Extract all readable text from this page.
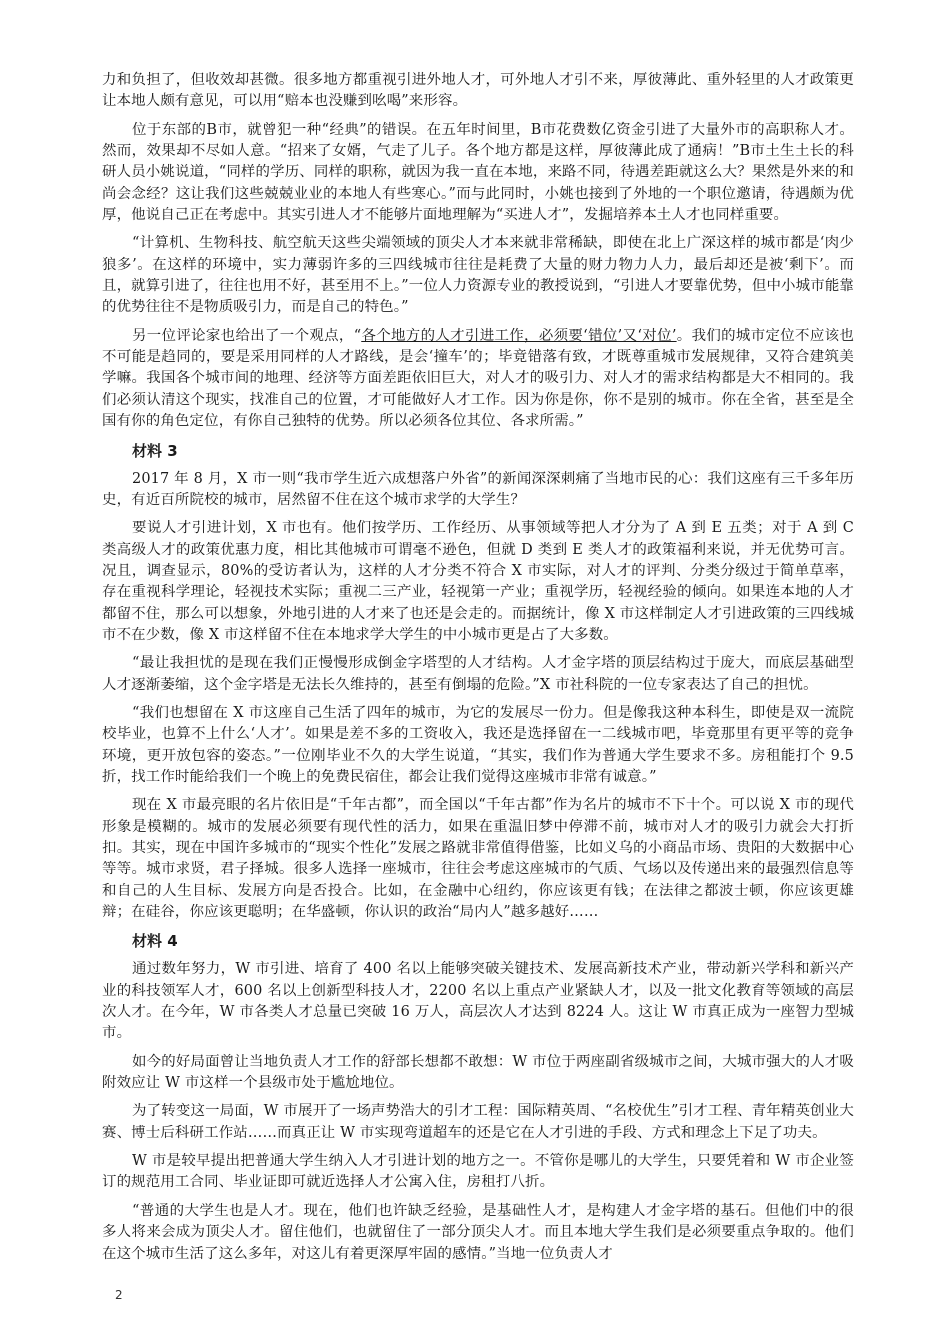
力和负担了，但收效却甚微。很多地方都重视引进外地人才，可外地人才引不来，厚彼薄此、重外轻里的人才政策更让本地人颇有意见，可以用“赔本也没赚到吆喝”来形容。

位于东部的B市，就曾犯一种“经典”的错误。在五年时间里，B市花费数亿资金引进了大量外市的高职称人才。然而，效果却不尽如人意。“招来了女婿，气走了儿子。各个地方都是这样，厚彼薄此成了通病！”B市土生土长的科研人员小姚说道，“同样的学历、同样的职称，就因为我一直在本地，来路不同，待遇差距就这么大？果然是外来的和尚会念经？这让我们这些兢兢业业的本地人有些寒心。”而与此同时，小姚也接到了外地的一个职位邀请，待遇颇为优厚，他说自己正在考虑中。其实引进人才不能够片面地理解为“买进人才”，发掘培养本土人才也同样重要。

“计算机、生物科技、航空航天这些尖端领域的顶尖人才本来就非常稀缺，即使在北上广深这样的城市都是‘肉少狼多’。在这样的环境中，实力薄弱许多的三四线城市往往是耗费了大量的财力物力人力，最后却还是被‘剩下’。而且，就算引进了，往往也用不好，甚至用不上。”一位人力资源专业的教授说到，“引进人才要靠优势，但中小城市能靠的优势往往不是物质吸引力，而是自己的特色。”

另一位评论家也给出了一个观点，“各个地方的人才引进工作，必须要‘错位’又‘对位’。我们的城市定位不应该也不可能是趋同的，要是采用同样的人才路线，是会‘撞车’的；毕竟错落有致，才既尊重城市发展规律，又符合建筑美学嘛。我国各个城市间的地理、经济等方面差距依旧巨大，对人才的吸引力、对人才的需求结构都是大不相同的。我们必须认清这个现实，找准自己的位置，才可能做好人才工作。因为你是你，你不是别的城市。你在全省，甚至是全国有你的角色定位，有你自己独特的优势。所以必须各位其位、各求所需。”

材料 3

2017 年 8 月，X 市一则“我市学生近六成想落户外省”的新闻深深刺痛了当地市民的心：我们这座有三千多年历史，有近百所院校的城市，居然留不住在这个城市求学的大学生？

要说人才引进计划，X 市也有。他们按学历、工作经历、从事领域等把人才分为了 A 到 E 五类；对于 A 到 C 类高级人才的政策优惠力度，相比其他城市可谓毫不逊色，但就 D 类到 E 类人才的政策福利来说，并无优势可言。况且，调查显示，80%的受访者认为，这样的人才分类不符合 X 市实际，对人才的评判、分类分级过于简单草率，存在重视科学理论，轻视技术实际；重视二三产业，轻视第一产业；重视学历，轻视经验的倾向。如果连本地的人才都留不住，那么可以想象，外地引进的人才来了也还是会走的。而据统计，像 X 市这样制定人才引进政策的三四线城市不在少数，像 X 市这样留不住在本地求学大学生的中小城市更是占了大多数。

“最让我担忧的是现在我们正慢慢形成倒金字塔型的人才结构。人才金字塔的顶层结构过于庞大，而底层基础型人才逐渐萎缩，这个金字塔是无法长久维持的，甚至有倒塌的危险。”X 市社科院的一位专家表达了自己的担忧。

“我们也想留在 X 市这座自己生活了四年的城市，为它的发展尽一份力。但是像我这种本科生，即使是双一流院校毕业，也算不上什么‘人才’。如果是差不多的工资收入，我还是选择留在一二线城市吧，毕竟那里有更平等的竞争环境，更开放包容的姿态。”一位刚毕业不久的大学生说道，“其实，我们作为普通大学生要求不多。房租能打个 9.5 折，找工作时能给我们一个晚上的免费民宿住，都会让我们觉得这座城市非常有诚意。”

现在 X 市最亮眼的名片依旧是“千年古都”，而全国以“千年古都”作为名片的城市不下十个。可以说 X 市的现代形象是模糊的。城市的发展必须要有现代性的活力，如果在重温旧梦中停滞不前，城市对人才的吸引力就会大打折扣。其实，现在中国许多城市的“现实个性化”发展之路就非常值得借鉴，比如义乌的小商品市场、贵阳的大数据中心等等。城市求贤，君子择城。很多人选择一座城市，往往会考虑这座城市的气质、气场以及传递出来的最强烈信息等和自己的人生目标、发展方向是否投合。比如，在金融中心纽约，你应该更有钱；在法律之都波士顿，你应该更雄辩；在硅谷，你应该更聪明；在华盛顿，你认识的政治“局内人”越多越好……

材料 4

通过数年努力，W 市引进、培育了 400 名以上能够突破关键技术、发展高新技术产业，带动新兴学科和新兴产业的科技领军人才，600 名以上创新型科技人才，2200 名以上重点产业紧缺人才，以及一批文化教育等领域的高层次人才。在今年，W 市各类人才总量已突破 16 万人，高层次人才达到 8224 人。这让 W 市真正成为一座智力型城市。

如今的好局面曾让当地负责人才工作的舒部长想都不敢想：W 市位于两座副省级城市之间，大城市强大的人才吸附效应让 W 市这样一个县级市处于尴尬地位。

为了转变这一局面，W 市展开了一场声势浩大的引才工程：国际精英周、“名校优生”引才工程、青年精英创业大赛、博士后科研工作站……而真正让 W 市实现弯道超车的还是它在人才引进的手段、方式和理念上下足了功夫。

W 市是较早提出把普通大学生纳入人才引进计划的地方之一。不管你是哪儿的大学生，只要凭着和 W 市企业签订的规范用工合同、毕业证即可就近选择人才公寓入住，房租打八折。

“普通的大学生也是人才。现在，他们也许缺乏经验，是基础性人才，是构建人才金字塔的基石。但他们中的很多人将来会成为顶尖人才。留住他们，也就留住了一部分顶尖人才。而且本地大学生我们是必须要重点争取的。他们在这个城市生活了这么多年，对这儿有着更深厚牢固的感情。”当地一位负责人才

2
